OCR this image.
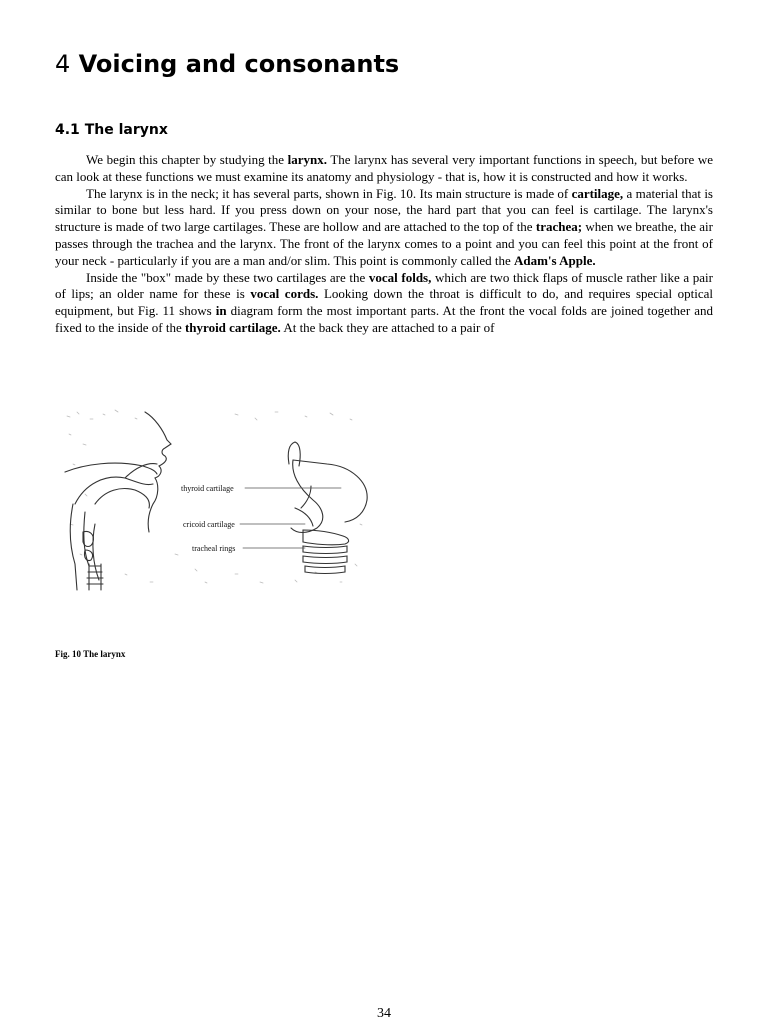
4 Voicing and consonants
4.1 The larynx

We begin this chapter by studying the larynx. The larynx has several very important functions in speech, but before we can look at these functions we must examine its anatomy and physiology - that is, how it is constructed and how it works.

The larynx is in the neck; it has several parts, shown in Fig. 10. Its main structure is made of cartilage, a material that is similar to bone but less hard. If you press down on your nose, the hard part that you can feel is cartilage. The larynx's structure is made of two large cartilages. These are hollow and are attached to the top of the trachea; when we breathe, the air passes through the trachea and the larynx. The front of the larynx comes to a point and you can feel this point at the front of your neck - particularly if you are a man and/or slim. This point is commonly called the Adam's Apple.

Inside the "box" made by these two cartilages are the vocal folds, which are two thick flaps of muscle rather like a pair of lips; an older name for these is vocal cords. Looking down the throat is difficult to do, and requires special optical equipment, but Fig. 11 shows in diagram form the most important parts. At the front the vocal folds are joined together and fixed to the inside of the thyroid cartilage. At the back they are attached to a pair of

thyroid cartilage
cricoid cartilage
tracheal rings
Fig. 10 The larynx
34
